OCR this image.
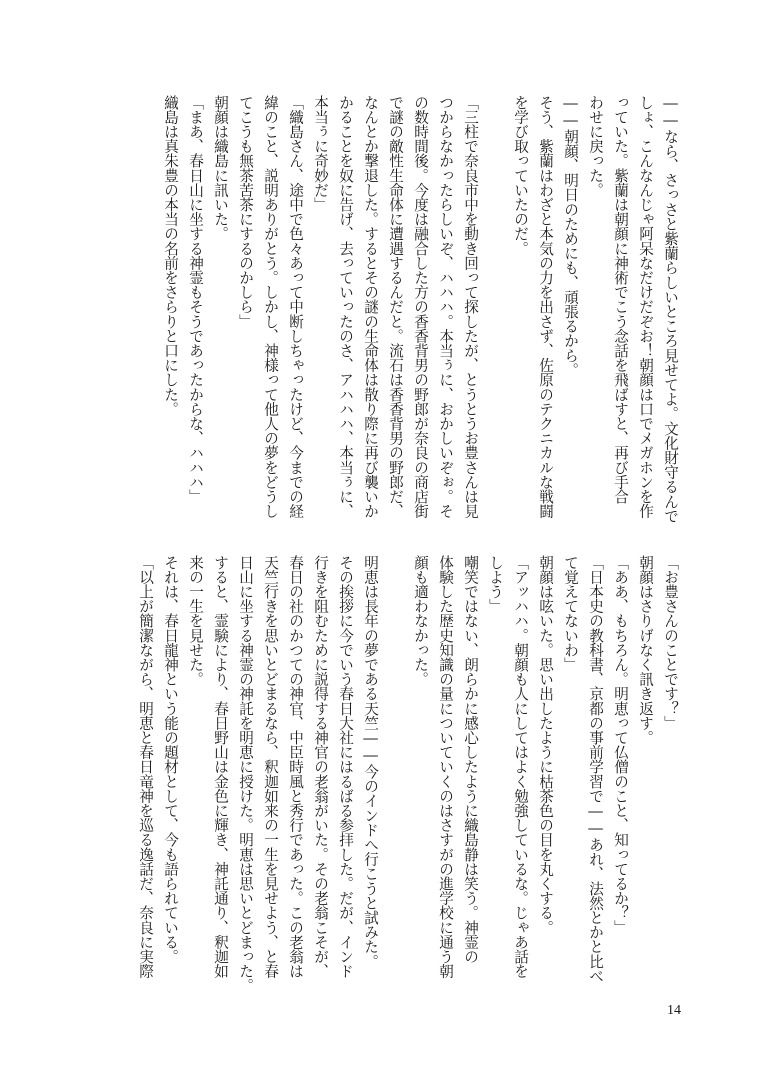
――なら、さっさと紫蘭らしいところ見せてよ。文化財守るんで
しょ、こんなんじゃ阿呆なだけだぞお！朝顔は口でメガホンを作
っていた。紫蘭は朝顔に神術でこう念話を飛ばすと、再び手合
わせに戻った。
――朝顔、明日のためにも、頑張るから。
そう、紫蘭はわざと本気の力を出さず、佐原のテクニカルな戦闘
を学び取っていたのだ。
「三柱で奈良市中を動き回って探したが、とうとうお豊さんは見
つからなかったらしいぞ、ハハハ。本当ぅに、おかしいぞぉ。そ
の数時間後。今度は融合した方の香香背男の野郎が奈良の商店街
で謎の敵性生命体に遭遇するんだと。流石は香香背男の野郎だ、
なんとか撃退した。するとその謎の生命体は散り際に再び襲いか
かることを奴に告げ、去っていったのさ、アハハハ、本当ぅに、
本当ぅに奇妙だ」
「織島さん、途中で色々あって中断しちゃったけど、今までの経
緯のこと、説明ありがとう。しかし、神様って他人の夢をどうし
てこうも無茶苦茶にするのかしら」
朝顔は織島に訊いた。
「まあ、春日山に坐する神霊もそうであったからな、ハハハ」
織島は真朱豊の本当の名前をさらりと口にした。
「お豊さんのことです？」
朝顔はさりげなく訊き返す。
「ああ、もちろん。明恵って仏僧のこと、知ってるか？」
「日本史の教科書、京都の事前学習で――あれ、法然とかと比べ
て覚えてないわ」
朝顔は呟いた。思い出したように枯茶色の目を丸くする。
「アッハハ。朝顔も人にしてはよく勉強しているな。じゃあ話を
しよう」
嘲笑ではない、朗らかに感心したように織島静は笑う。神霊の
体験した歴史知識の量についていくのはさすがの進学校に通う朝
顔も適わなかった。
明恵は長年の夢である天竺――今のインドへ行こうと試みた。
その挨拶に今でいう春日大社にはるばる参拝した。だが、インド
行きを阻むために説得する神官の老翁がいた。その老翁こそが、
春日の社のかつての神官、中臣時風と秀行であった。この老翁は
天竺行きを思いとどまるなら、釈迦如来の一生を見せよう、と春
日山に坐する神霊の神託を明恵に授けた。明恵は思いとどまった。
すると、霊験により、春日野山は金色に輝き、神託通り、釈迦如
来の一生を見せた。
それは、春日龍神という能の題材として、今も語られている。
「以上が簡潔ながら、明恵と春日竜神を巡る逸話だ、奈良に実際
14
